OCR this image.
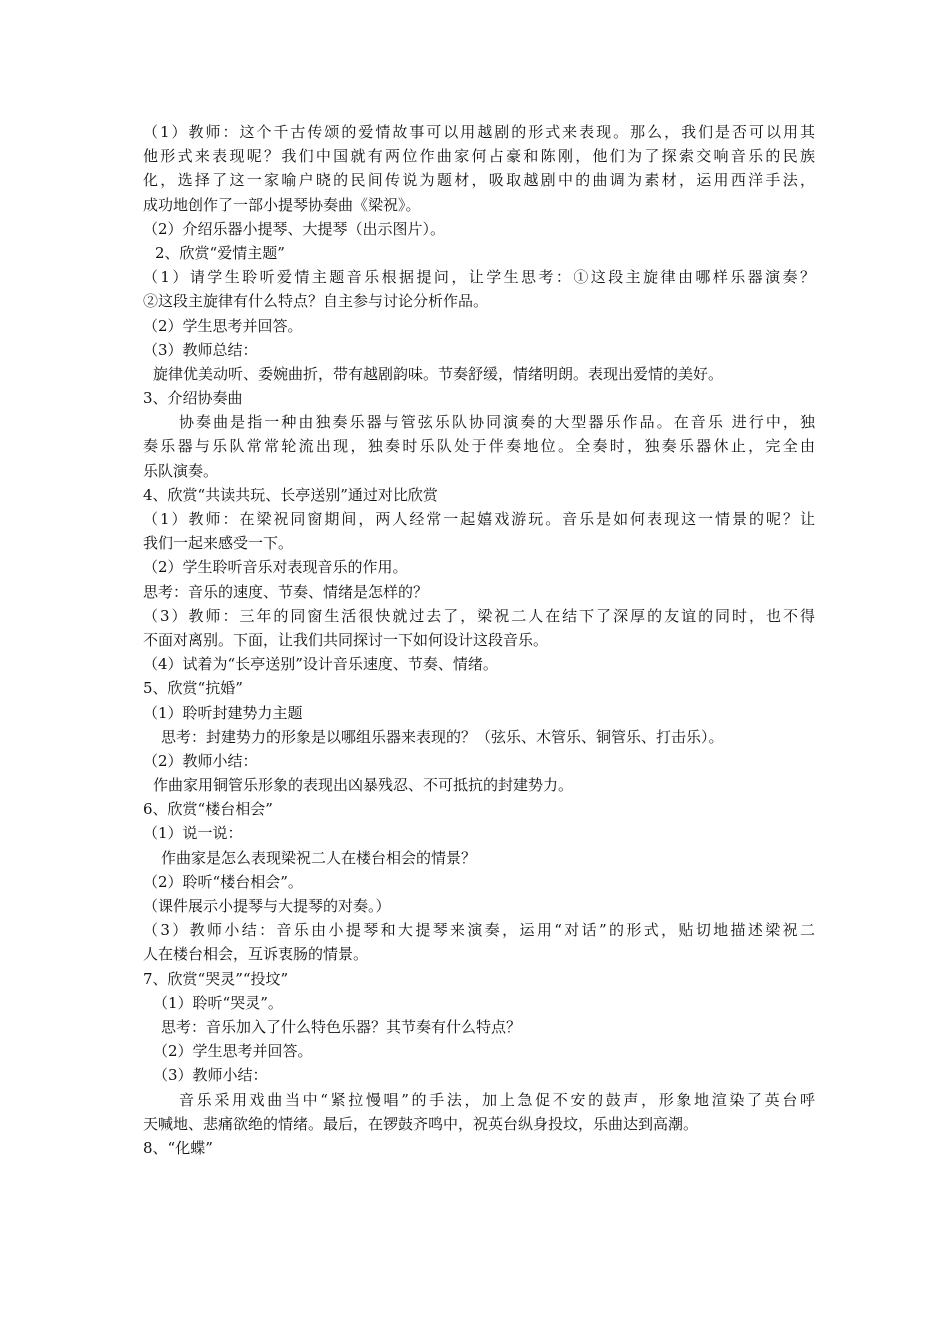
（1）教师：这个千古传颂的爱情故事可以用越剧的形式来表现。那么，我们是否可以用其
他形式来表现呢？我们中国就有两位作曲家何占豪和陈刚，他们为了探索交响音乐的民族
化，选择了这一家喻户晓的民间传说为题材，吸取越剧中的曲调为素材，运用西洋手法，
成功地创作了一部小提琴协奏曲《梁祝》。
（2）介绍乐器小提琴、大提琴（出示图片）。
2、欣赏“爱情主题”
（1）请学生聆听爱情主题音乐根据提问，让学生思考：①这段主旋律由哪样乐器演奏？
②这段主旋律有什么特点？自主参与讨论分析作品。
（2）学生思考并回答。
（3）教师总结：
旋律优美动听、委婉曲折，带有越剧韵味。节奏舒缓，情绪明朗。表现出爱情的美好。
3、介绍协奏曲
协奏曲是指一种由独奏乐器与管弦乐队协同演奏的大型器乐作品。在音乐 进行中，独
奏乐器与乐队常常轮流出现，独奏时乐队处于伴奏地位。全奏时，独奏乐器休止，完全由
乐队演奏。
4、欣赏“共读共玩、长亭送别”通过对比欣赏
（1）教师：在梁祝同窗期间，两人经常一起嬉戏游玩。音乐是如何表现这一情景的呢？让
我们一起来感受一下。
（2）学生聆听音乐对表现音乐的作用。
思考：音乐的速度、节奏、情绪是怎样的？
（3）教师：三年的同窗生活很快就过去了，梁祝二人在结下了深厚的友谊的同时，也不得
不面对离别。下面，让我们共同探讨一下如何设计这段音乐。
（4）试着为“长亭送别”设计音乐速度、节奏、情绪。
5、欣赏“抗婚”
（1）聆听封建势力主题
思考：封建势力的形象是以哪组乐器来表现的？（弦乐、木管乐、铜管乐、打击乐）。
（2）教师小结：
作曲家用铜管乐形象的表现出凶暴残忍、不可抵抗的封建势力。
6、欣赏“楼台相会”
（1）说一说：
作曲家是怎么表现梁祝二人在楼台相会的情景？
（2）聆听“楼台相会”。
（课件展示小提琴与大提琴的对奏。）
（3）教师小结：音乐由小提琴和大提琴来演奏，运用“对话”的形式，贴切地描述梁祝二
人在楼台相会，互诉衷肠的情景。
7、欣赏“哭灵”“投坟”
（1）聆听“哭灵”。
思考：音乐加入了什么特色乐器？其节奏有什么特点？
（2）学生思考并回答。
（3）教师小结：
音乐采用戏曲当中“紧拉慢唱”的手法，加上急促不安的鼓声，形象地渲染了英台呼
天喊地、悲痛欲绝的情绪。最后，在锣鼓齐鸣中，祝英台纵身投坟，乐曲达到高潮。
8、“化蝶”
